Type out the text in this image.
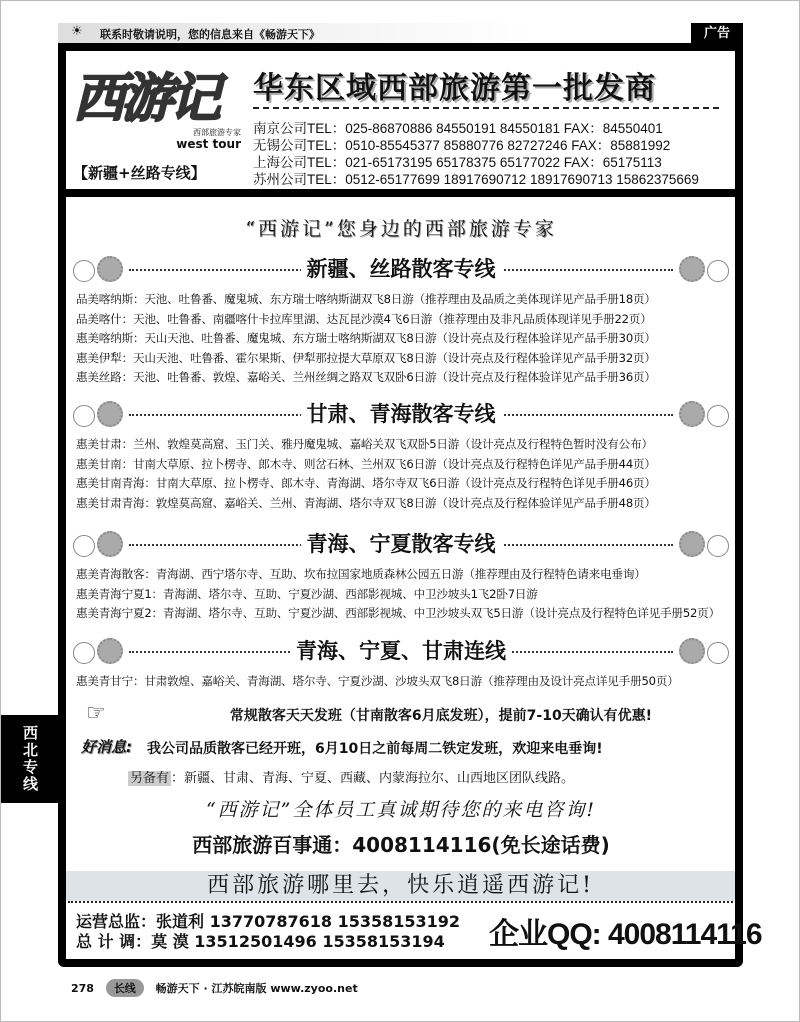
☀	联系时敬请说明，您的信息来自《畅游天下》	广告
西游记
西部旅游专家
west tour
华东区域西部旅游第一批发商
南京公司TEL：025-86870886 84550191 84550181 FAX：84550401
无锡公司TEL：0510-85545377 85880776 82727246 FAX：85881992
上海公司TEL：021-65173195 65178375 65177022 FAX：65175113
苏州公司TEL：0512-65177699 18917690712 18917690713 15862375669
【新疆+丝路专线】
“西游记”您身边的西部旅游专家
新疆、丝路散客专线
品美喀纳斯：天池、吐鲁番、魔鬼城、东方瑞士喀纳斯湖双飞8日游（推荐理由及品质之美体现详见产品手册18页）
品美喀什：天池、吐鲁番、南疆喀什卡拉库里湖、达瓦昆沙漠4飞6日游（推荐理由及非凡品质体现详见手册22页）
惠美喀纳斯：天山天池、吐鲁番、魔鬼城、东方瑞士喀纳斯湖双飞8日游（设计亮点及行程体验详见产品手册30页）
惠美伊犁：天山天池、吐鲁番、霍尔果斯、伊犁那拉提大草原双飞8日游（设计亮点及行程体验详见产品手册32页）
惠美丝路：天池、吐鲁番、敦煌、嘉峪关、兰州丝绸之路双飞双卧6日游（设计亮点及行程体验详见产品手册36页）
甘肃、青海散客专线
惠美甘肃：兰州、敦煌莫高窟、玉门关、雅丹魔鬼城、嘉峪关双飞双卧5日游（设计亮点及行程特色暂时没有公布）
惠美甘南：甘南大草原、拉卜楞寺、郎木寺、则岔石林、兰州双飞6日游（设计亮点及行程特色详见产品手册44页）
惠美甘南青海：甘南大草原、拉卜楞寺、郎木寺、青海湖、塔尔寺双飞6日游（设计亮点及行程特色详见手册46页）
惠美甘肃青海：敦煌莫高窟、嘉峪关、兰州、青海湖、塔尔寺双飞8日游（设计亮点及行程体验详见产品手册48页）
青海、宁夏散客专线
惠美青海散客：青海湖、西宁塔尔寺、互助、坎布拉国家地质森林公园五日游（推荐理由及行程特色请来电垂询）
惠美青海宁夏1：青海湖、塔尔寺、互助、宁夏沙湖、西部影视城、中卫沙坡头1飞2卧7日游
惠美青海宁夏2：青海湖、塔尔寺、互助、宁夏沙湖、西部影视城、中卫沙坡头双飞5日游（设计亮点及行程特色详见手册52页）
青海、宁夏、甘肃连线
惠美青甘宁：甘肃敦煌、嘉峪关、青海湖、塔尔寺、宁夏沙湖、沙坡头双飞8日游（推荐理由及设计亮点详见手册50页）
☞	常规散客天天发班（甘南散客6月底发班），提前7-10天确认有优惠!
好消息: 我公司品质散客已经开班，6月10日之前每周二铁定发班，欢迎来电垂询!
另备有 ：新疆、甘肃、青海、宁夏、西藏、内蒙海拉尔、山西地区团队线路。
“西游记”全体员工真诚期待您的来电咨询!
西部旅游百事通：4008114116(免长途话费)
西部旅游哪里去，快乐逍遥西游记!
运营总监：张道利 13770787618 15358153192
总 计 调：莫 漠 13512501496 15358153194 企业QQ: 4008114116
西北专线
278 长线 畅游天下 · 江苏皖南版 www.zyoo.net
